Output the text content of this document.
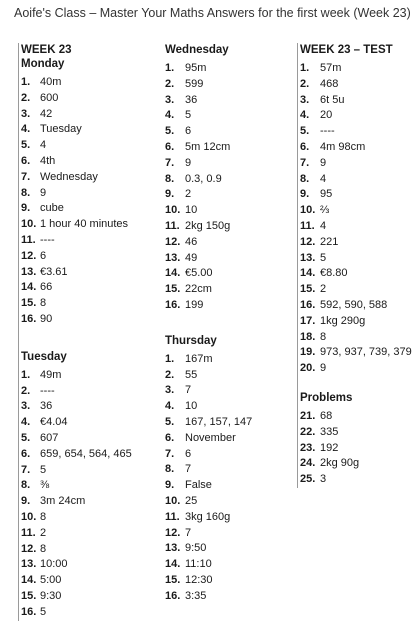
Aoife's Class – Master Your Maths Answers for the first week (Week 23)
WEEK 23
Monday
1. 40m
2. 600
3. 42
4. Tuesday
5. 4
6. 4th
7. Wednesday
8. 9
9. cube
10. 1 hour 40 minutes
11. ----
12. 6
13. €3.61
14. 66
15. 8
16. 90
Tuesday
1. 49m
2. ----
3. 36
4. €4.04
5. 607
6. 659, 654, 564, 465
7. 5
8. ⅜
9. 3m 24cm
10. 8
11. 2
12. 8
13. 10:00
14. 5:00
15. 9:30
16. 5
Wednesday
1. 95m
2. 599
3. 36
4. 5
5. 6
6. 5m 12cm
7. 9
8. 0.3, 0.9
9. 2
10. 10
11. 2kg 150g
12. 46
13. 49
14. €5.00
15. 22cm
16. 199
Thursday
1. 167m
2. 55
3. 7
4. 10
5. 167, 157, 147
6. November
7. 6
8. 7
9. False
10. 25
11. 3kg 160g
12. 7
13. 9:50
14. 11:10
15. 12:30
16. 3:35
WEEK 23 – TEST
1. 57m
2. 468
3. 6t 5u
4. 20
5. ----
6. 4m 98cm
7. 9
8. 4
9. 95
10. ⅔
11. 4
12. 221
13. 5
14. €8.80
15. 2
16. 592, 590, 588
17. 1kg 290g
18. 8
19. 973, 937, 739, 379
20. 9
Problems
21. 68
22. 335
23. 192
24. 2kg 90g
25. 3
